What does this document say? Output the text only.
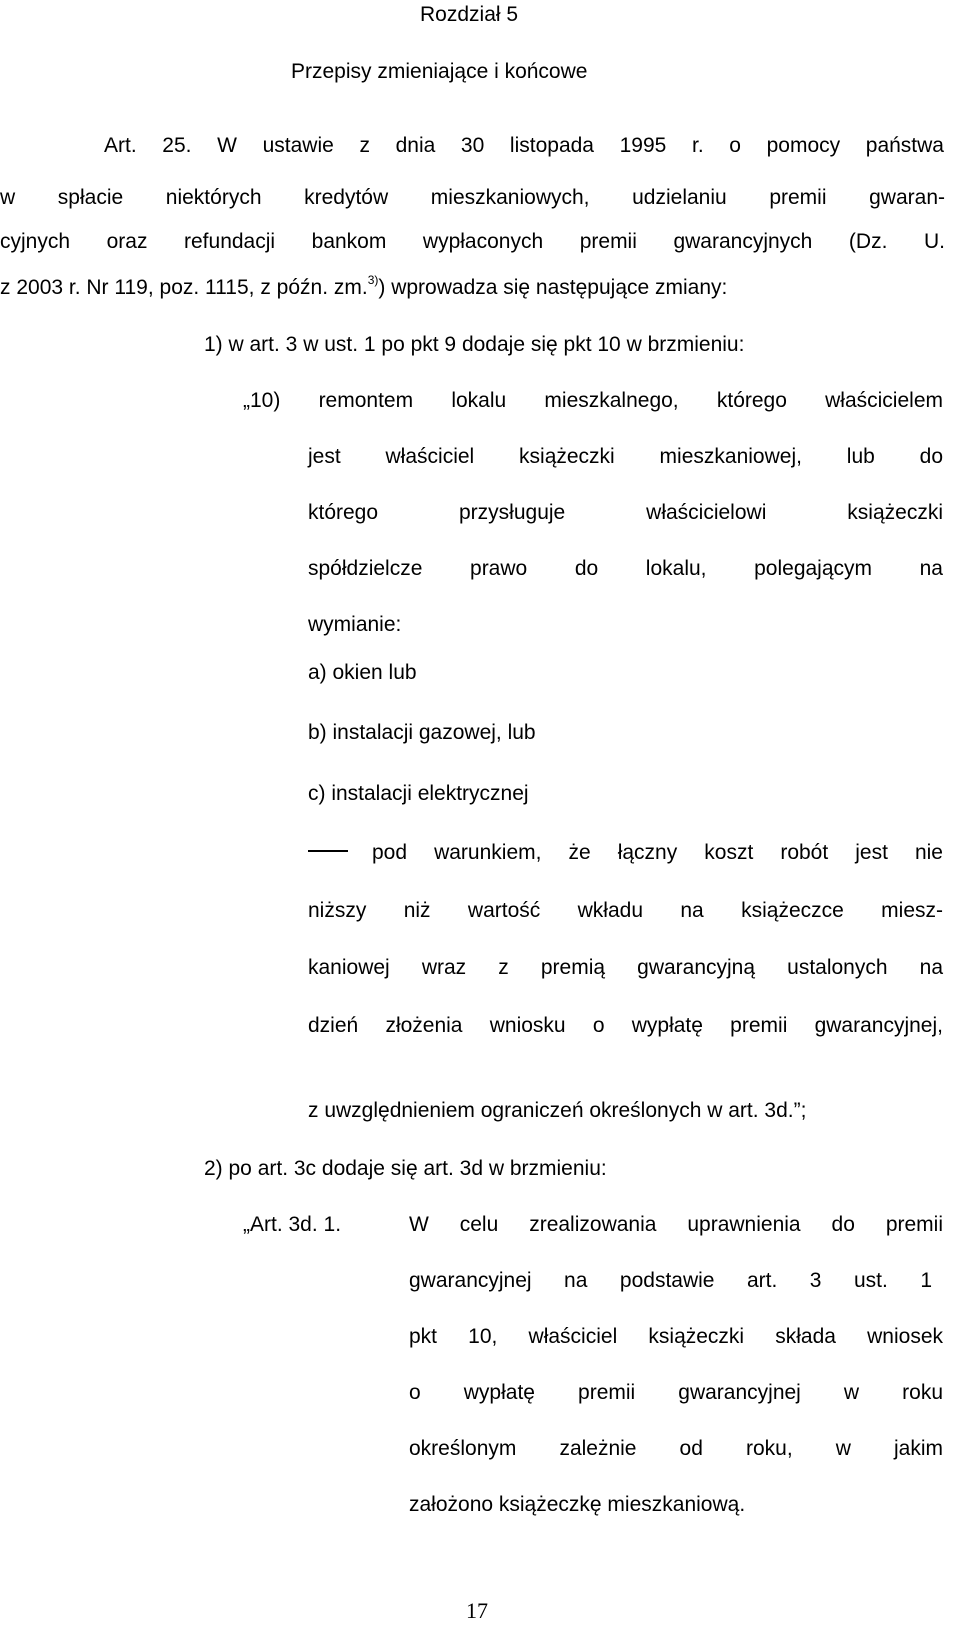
Rozdział 5
Przepisy zmieniające i końcowe
Art. 25. W ustawie z dnia 30 listopada 1995 r. o pomocy państwa
w spłacie niektórych kredytów mieszkaniowych, udzielaniu premii gwaran-
cyjnych oraz refundacji bankom wypłaconych premii gwarancyjnych (Dz. U.
z 2003 r. Nr 119, poz. 1115, z późn. zm.$^{3)}$) wprowadza się następujące zmiany:
1) w art. 3 w ust. 1 po pkt 9 dodaje się pkt 10 w brzmieniu:
„10) remontem lokalu mieszkalnego, którego właścicielem
jest właściciel książeczki mieszkaniowej, lub do
którego przysługuje właścicielowi książeczki
spółdzielcze prawo do lokalu, polegającym na
wymianie:
a) okien lub
b) instalacji gazowej, lub
c) instalacji elektrycznej
pod warunkiem, że łączny koszt robót jest nie
niższy niż wartość wkładu na książeczce miesz-
kaniowej wraz z premią gwarancyjną ustalonych na
dzień złożenia wniosku o wypłatę premii gwarancyjnej,
z uwzględnieniem ograniczeń określonych w art. 3d.”;
2) po art. 3c dodaje się art. 3d w brzmieniu:
„Art. 3d. 1.	W celu zrealizowania uprawnienia do premii
gwarancyjnej na podstawie art. 3 ust. 1
pkt 10, właściciel książeczki składa wniosek
o wypłatę premii gwarancyjnej w roku
określonym zależnie od roku, w jakim
założono książeczkę mieszkaniową.
17
